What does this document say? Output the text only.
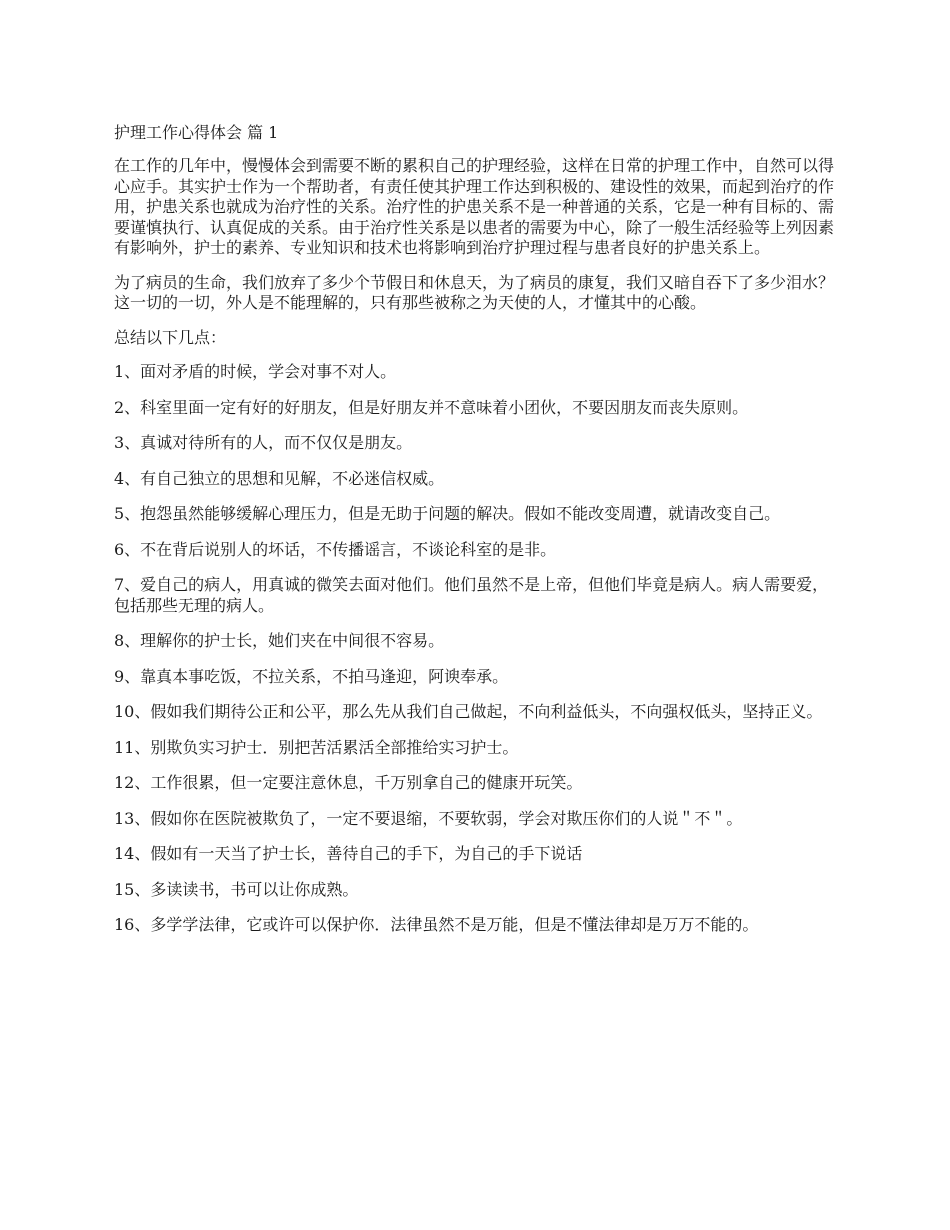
护理工作心得体会 篇 1

在工作的几年中，慢慢体会到需要不断的累积自己的护理经验，这样在日常的护理工作中，自然可以得心应手。其实护士作为一个帮助者，有责任使其护理工作达到积极的、建设性的效果，而起到治疗的作用，护患关系也就成为治疗性的关系。治疗性的护患关系不是一种普通的关系，它是一种有目标的、需要谨慎执行、认真促成的关系。由于治疗性关系是以患者的需要为中心，除了一般生活经验等上列因素有影响外，护士的素养、专业知识和技术也将影响到治疗护理过程与患者良好的护患关系上。

为了病员的生命，我们放弃了多少个节假日和休息天，为了病员的康复，我们又暗自吞下了多少泪水？这一切的一切，外人是不能理解的，只有那些被称之为天使的人，才懂其中的心酸。

总结以下几点：

1、面对矛盾的时候，学会对事不对人。

2、科室里面一定有好的好朋友，但是好朋友并不意味着小团伙，不要因朋友而丧失原则。

3、真诚对待所有的人，而不仅仅是朋友。

4、有自己独立的思想和见解，不必迷信权威。

5、抱怨虽然能够缓解心理压力，但是无助于问题的解决。假如不能改变周遭，就请改变自己。

6、不在背后说别人的坏话，不传播谣言，不谈论科室的是非。

7、爱自己的病人，用真诚的微笑去面对他们。他们虽然不是上帝，但他们毕竟是病人。病人需要爱，包括那些无理的病人。

8、理解你的护士长，她们夹在中间很不容易。

9、靠真本事吃饭，不拉关系，不拍马逢迎，阿谀奉承。

10、假如我们期待公正和公平，那么先从我们自己做起，不向利益低头，不向强权低头，坚持正义。

11、别欺负实习护士．别把苦活累活全部推给实习护士。

12、工作很累，但一定要注意休息，千万别拿自己的健康开玩笑。

13、假如你在医院被欺负了，一定不要退缩，不要软弱，学会对欺压你们的人说＂不＂。

14、假如有一天当了护士长，善待自己的手下，为自己的手下说话

15、多读读书，书可以让你成熟。

16、多学学法律，它或许可以保护你．法律虽然不是万能，但是不懂法律却是万万不能的。
